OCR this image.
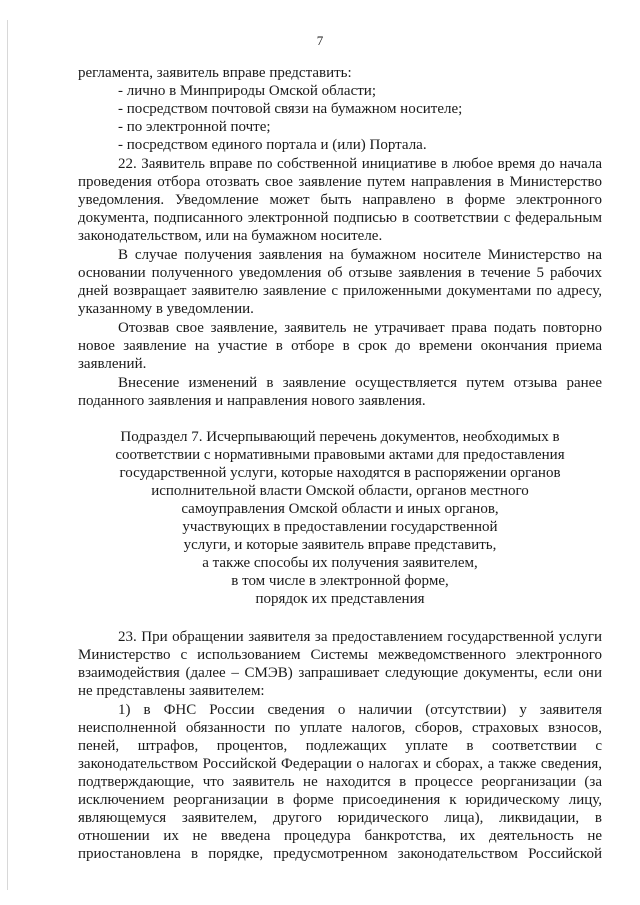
7
регламента, заявитель вправе представить:
- лично в Минприроды Омской области;
- посредством почтовой связи на бумажном носителе;
- по электронной почте;
- посредством единого портала и (или) Портала.
22. Заявитель вправе по собственной инициативе в любое время до начала
проведения отбора отозвать свое заявление путем направления в Министерство
уведомления. Уведомление может быть направлено в форме электронного
документа, подписанного электронной подписью в соответствии с федеральным
законодательством, или на бумажном носителе.
В случае получения заявления на бумажном носителе Министерство на
основании полученного уведомления об отзыве заявления в течение 5 рабочих
дней возвращает заявителю заявление с приложенными документами по адресу,
указанному в уведомлении.
Отозвав свое заявление, заявитель не утрачивает права подать повторно
новое заявление на участие в отборе в срок до времени окончания приема
заявлений.
Внесение изменений в заявление осуществляется путем отзыва ранее
поданного заявления и направления нового заявления.
Подраздел 7. Исчерпывающий перечень документов, необходимых в
соответствии с нормативными правовыми актами для предоставления
государственной услуги, которые находятся в распоряжении органов
исполнительной власти Омской области, органов местного
самоуправления Омской области и иных органов,
участвующих в предоставлении государственной
услуги, и которые заявитель вправе представить,
а также способы их получения заявителем,
в том числе в электронной форме,
порядок их представления
23. При обращении заявителя за предоставлением государственной услуги
Министерство с использованием Системы межведомственного электронного
взаимодействия (далее – СМЭВ) запрашивает следующие документы, если они
не представлены заявителем:
1) в ФНС России сведения о наличии (отсутствии) у заявителя
неисполненной обязанности по уплате налогов, сборов, страховых взносов,
пеней, штрафов, процентов, подлежащих уплате в соответствии с
законодательством Российской Федерации о налогах и сборах, а также сведения,
подтверждающие, что заявитель не находится в процессе реорганизации (за
исключением реорганизации в форме присоединения к юридическому лицу,
являющемуся заявителем, другого юридического лица), ликвидации, в
отношении их не введена процедура банкротства, их деятельность не
приостановлена в порядке, предусмотренном законодательством Российской
